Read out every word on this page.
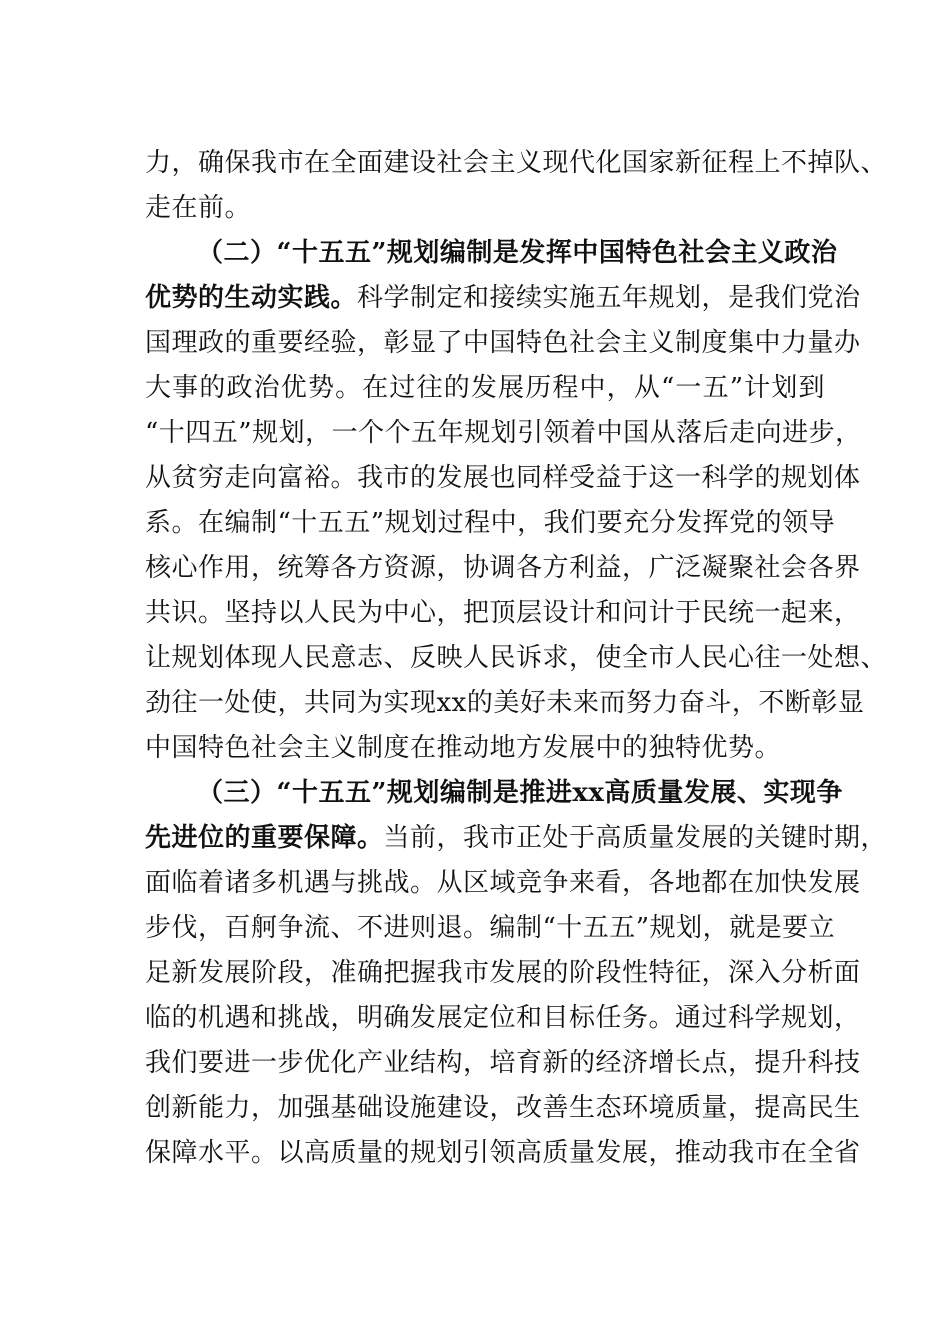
力，确保我市在全面建设社会主义现代化国家新征程上不掉队、
走在前。
（二）“十五五”规划编制是发挥中国特色社会主义政治
优势的生动实践。科学制定和接续实施五年规划，是我们党治
国理政的重要经验，彰显了中国特色社会主义制度集中力量办
大事的政治优势。在过往的发展历程中，从“一五”计划到
“十四五”规划，一个个五年规划引领着中国从落后走向进步，
从贫穷走向富裕。我市的发展也同样受益于这一科学的规划体
系。在编制“十五五”规划过程中，我们要充分发挥党的领导
核心作用，统筹各方资源，协调各方利益，广泛凝聚社会各界
共识。坚持以人民为中心，把顶层设计和问计于民统一起来，
让规划体现人民意志、反映人民诉求，使全市人民心往一处想、
劲往一处使，共同为实现xx的美好未来而努力奋斗，不断彰显
中国特色社会主义制度在推动地方发展中的独特优势。
（三）“十五五”规划编制是推进xx高质量发展、实现争
先进位的重要保障。当前，我市正处于高质量发展的关键时期，
面临着诸多机遇与挑战。从区域竞争来看，各地都在加快发展
步伐，百舸争流、不进则退。编制“十五五”规划，就是要立
足新发展阶段，准确把握我市发展的阶段性特征，深入分析面
临的机遇和挑战，明确发展定位和目标任务。通过科学规划，
我们要进一步优化产业结构，培育新的经济增长点，提升科技
创新能力，加强基础设施建设，改善生态环境质量，提高民生
保障水平。以高质量的规划引领高质量发展，推动我市在全省
